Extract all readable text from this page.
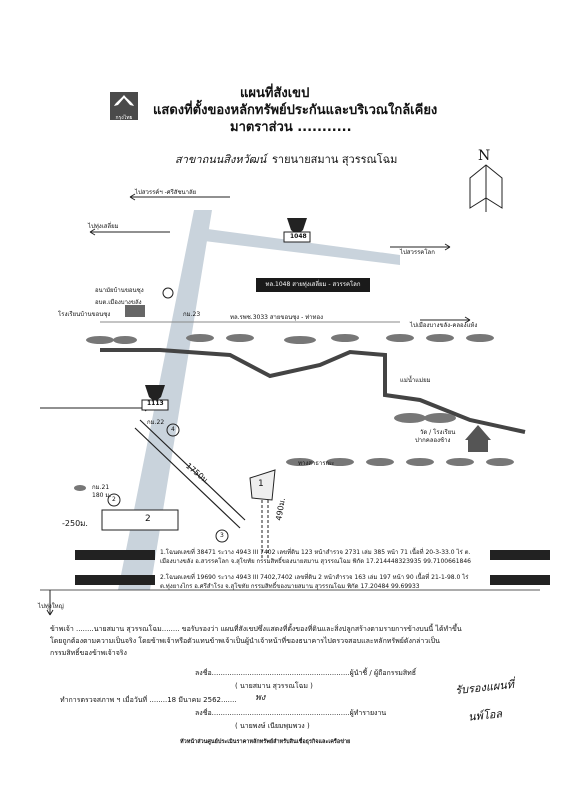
กรุงไทย
แผนที่สังเขป
แสดงที่ตั้งของหลักทรัพย์ประกันและบริเวณใกล้เคียง
มาตราส่วน ...........
สาขาถนนสิงหวัฒน์ รายนายสมาน สุวรรณโฉม	N
ไปสวรรค์ฯ -ศรีสัชนาลัย
ไปทุ่งเสลี่ยม
1048
ไปสวรรคโลก
ทล.1048 สายทุ่งเสลี่ยม - สวรรคโลก
อนามัยบ้านขอนซุง
อบต.เมืองบางขลัง
โรงเรียนบ้านขอนซุง	กม.23	ทล.รพช.3033 สายขอนซุง - ท่าทอง
ไปเมืองบางขลัง-คลองแห้ง
แม่น้ำแม่ยม
วัด / โรงเรียน
ปากคลองช้าง
1113
กม.22
4
1750ม.	ทางสาธารณะ
1
490ม.
3
กม.21
180 ม.
2
-250ม.	2
ไปทุ่งใหญ่
1.โฉนดเลขที่ 38471 ระวาง 4943 III 7402 เลขที่ดิน 123 หน้าสำรวจ 2731 เล่ม 385 หน้า 71 เนื้อที่ 20-3-33.0 ไร่ ต.
เมืองบางขลัง อ.สวรรคโลก จ.สุโขทัย กรรมสิทธิ์ของนายสมาน สุวรรณโฉม พิกัด 17.214448323935 99.7100661846
2.โฉนดเลขที่ 19690 ระวาง 4943 III 7402,7402 เลขที่ดิน 2 หน้าสำรวจ 163 เล่ม 197 หน้า 90 เนื้อที่ 21-1-98.0 ไร่
ต.ทุ่งยางไกร อ.ศรีสำโรง จ.สุโขทัย กรรมสิทธิ์ของนายสมาน สุวรรณโฉม พิกัด 17.20484 99.69933
ข้าพเจ้า ........นายสมาน สุวรรณโฉม........ ขอรับรองว่า แผนที่สังเขปซึ่งแสดงที่ตั้งของที่ดินและสิ่งปลูกสร้างตามรายการข้างบนนี้ ได้ทำขึ้น
โดยถูกต้องตามความเป็นจริง โดยข้าพเจ้าหรือตัวแทนข้าพเจ้าเป็นผู้นำเจ้าหน้าที่ของธนาคารไปตรวจสอบและหลักทรัพย์ดังกล่าวเป็น
กรรมสิทธิ์ของข้าพเจ้าจริง
ลงชื่อ..............................................................ผู้นำชี้ / ผู้ถือกรรมสิทธิ์
( นายสมาน สุวรรณโฉม )
ทำการตรวจสภาพ ฯ เมื่อวันที่ ........18 มีนาคม 2562.......
ลงชื่อ..............................................................ผู้ทำรายงาน
( นายพงษ์ เนียมพุมพวง )
หัวหน้าส่วนศูนย์ประเมินราคาหลักทรัพย์สำหรับสินเชื่อธุรกิจและเครือข่าย
รับรองแผนที่
นพ์โอล
พง
